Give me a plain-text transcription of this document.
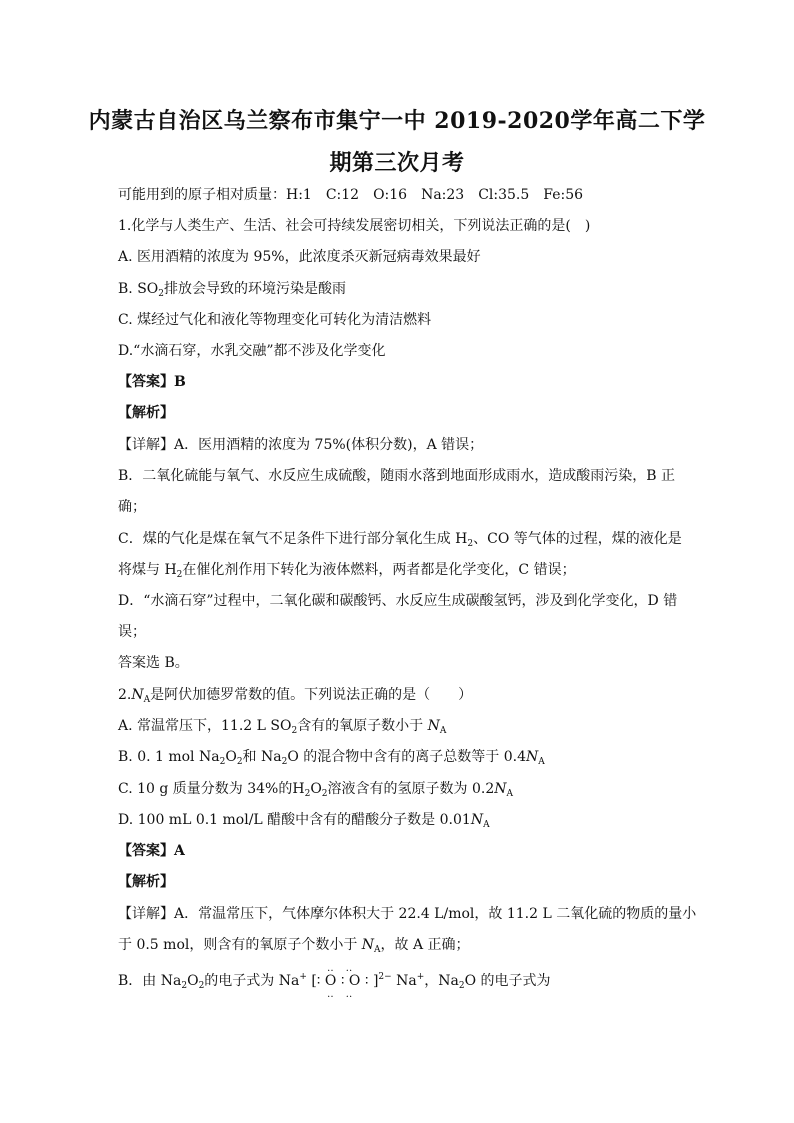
内蒙古自治区乌兰察布市集宁一中 2019-2020学年高二下学
期第三次月考
可能用到的原子相对质量：H:1　C:12　O:16　Na:23　Cl:35.5　Fe:56
1.化学与人类生产、生活、社会可持续发展密切相关，下列说法正确的是(　)
A. 医用酒精的浓度为 95%，此浓度杀灭新冠病毒效果最好
B. $SO_2$排放会导致的环境污染是酸雨
C. 煤经过气化和液化等物理变化可转化为清洁燃料
D.“水滴石穿，水乳交融”都不涉及化学变化
【答案】B
【解析】
【详解】A．医用酒精的浓度为 75%(体积分数)，A 错误；
B．二氧化硫能与氧气、水反应生成硫酸，随雨水落到地面形成雨水，造成酸雨污染，B 正
确；
C．煤的气化是煤在氧气不足条件下进行部分氧化生成 $H_2$、CO 等气体的过程，煤的液化是
将煤与 $H_2$在催化剂作用下转化为液体燃料，两者都是化学变化，C 错误；
D．“水滴石穿”过程中，二氧化碳和碳酸钙、水反应生成碳酸氢钙，涉及到化学变化，D 错
误；
答案选 B。
$2.N_A$是阿伏加德罗常数的值。下列说法正确的是（　　）
A. 常温常压下，11.2 L $SO_2$含有的氧原子数小于 $N_A$
B. 0. 1 mol $Na_2O_2$和 $Na_2O$ 的混合物中含有的离子总数等于 $0.4N_A$
C. 10 g 质量分数为 34%的$H_2O_2$溶液含有的氢原子数为 $0.2N_A$
D. 100 mL 0.1 mol/L 醋酸中含有的醋酸分子数是 $0.01N_A$
【答案】A
【解析】
【详解】A．常温常压下，气体摩尔体积大于 22.4 L/mol，故 11.2 L 二氧化硫的物质的量小
于 0.5 mol，则含有的氧原子个数小于 $N_A$，故 A 正确；
B．由 $Na_2O_2$的电子式为 Na+ [∶ O ∶ O ∶ ]$^{2-}$ Na+，$Na_2O$ 的电子式为
‥　‥
‥　‥
